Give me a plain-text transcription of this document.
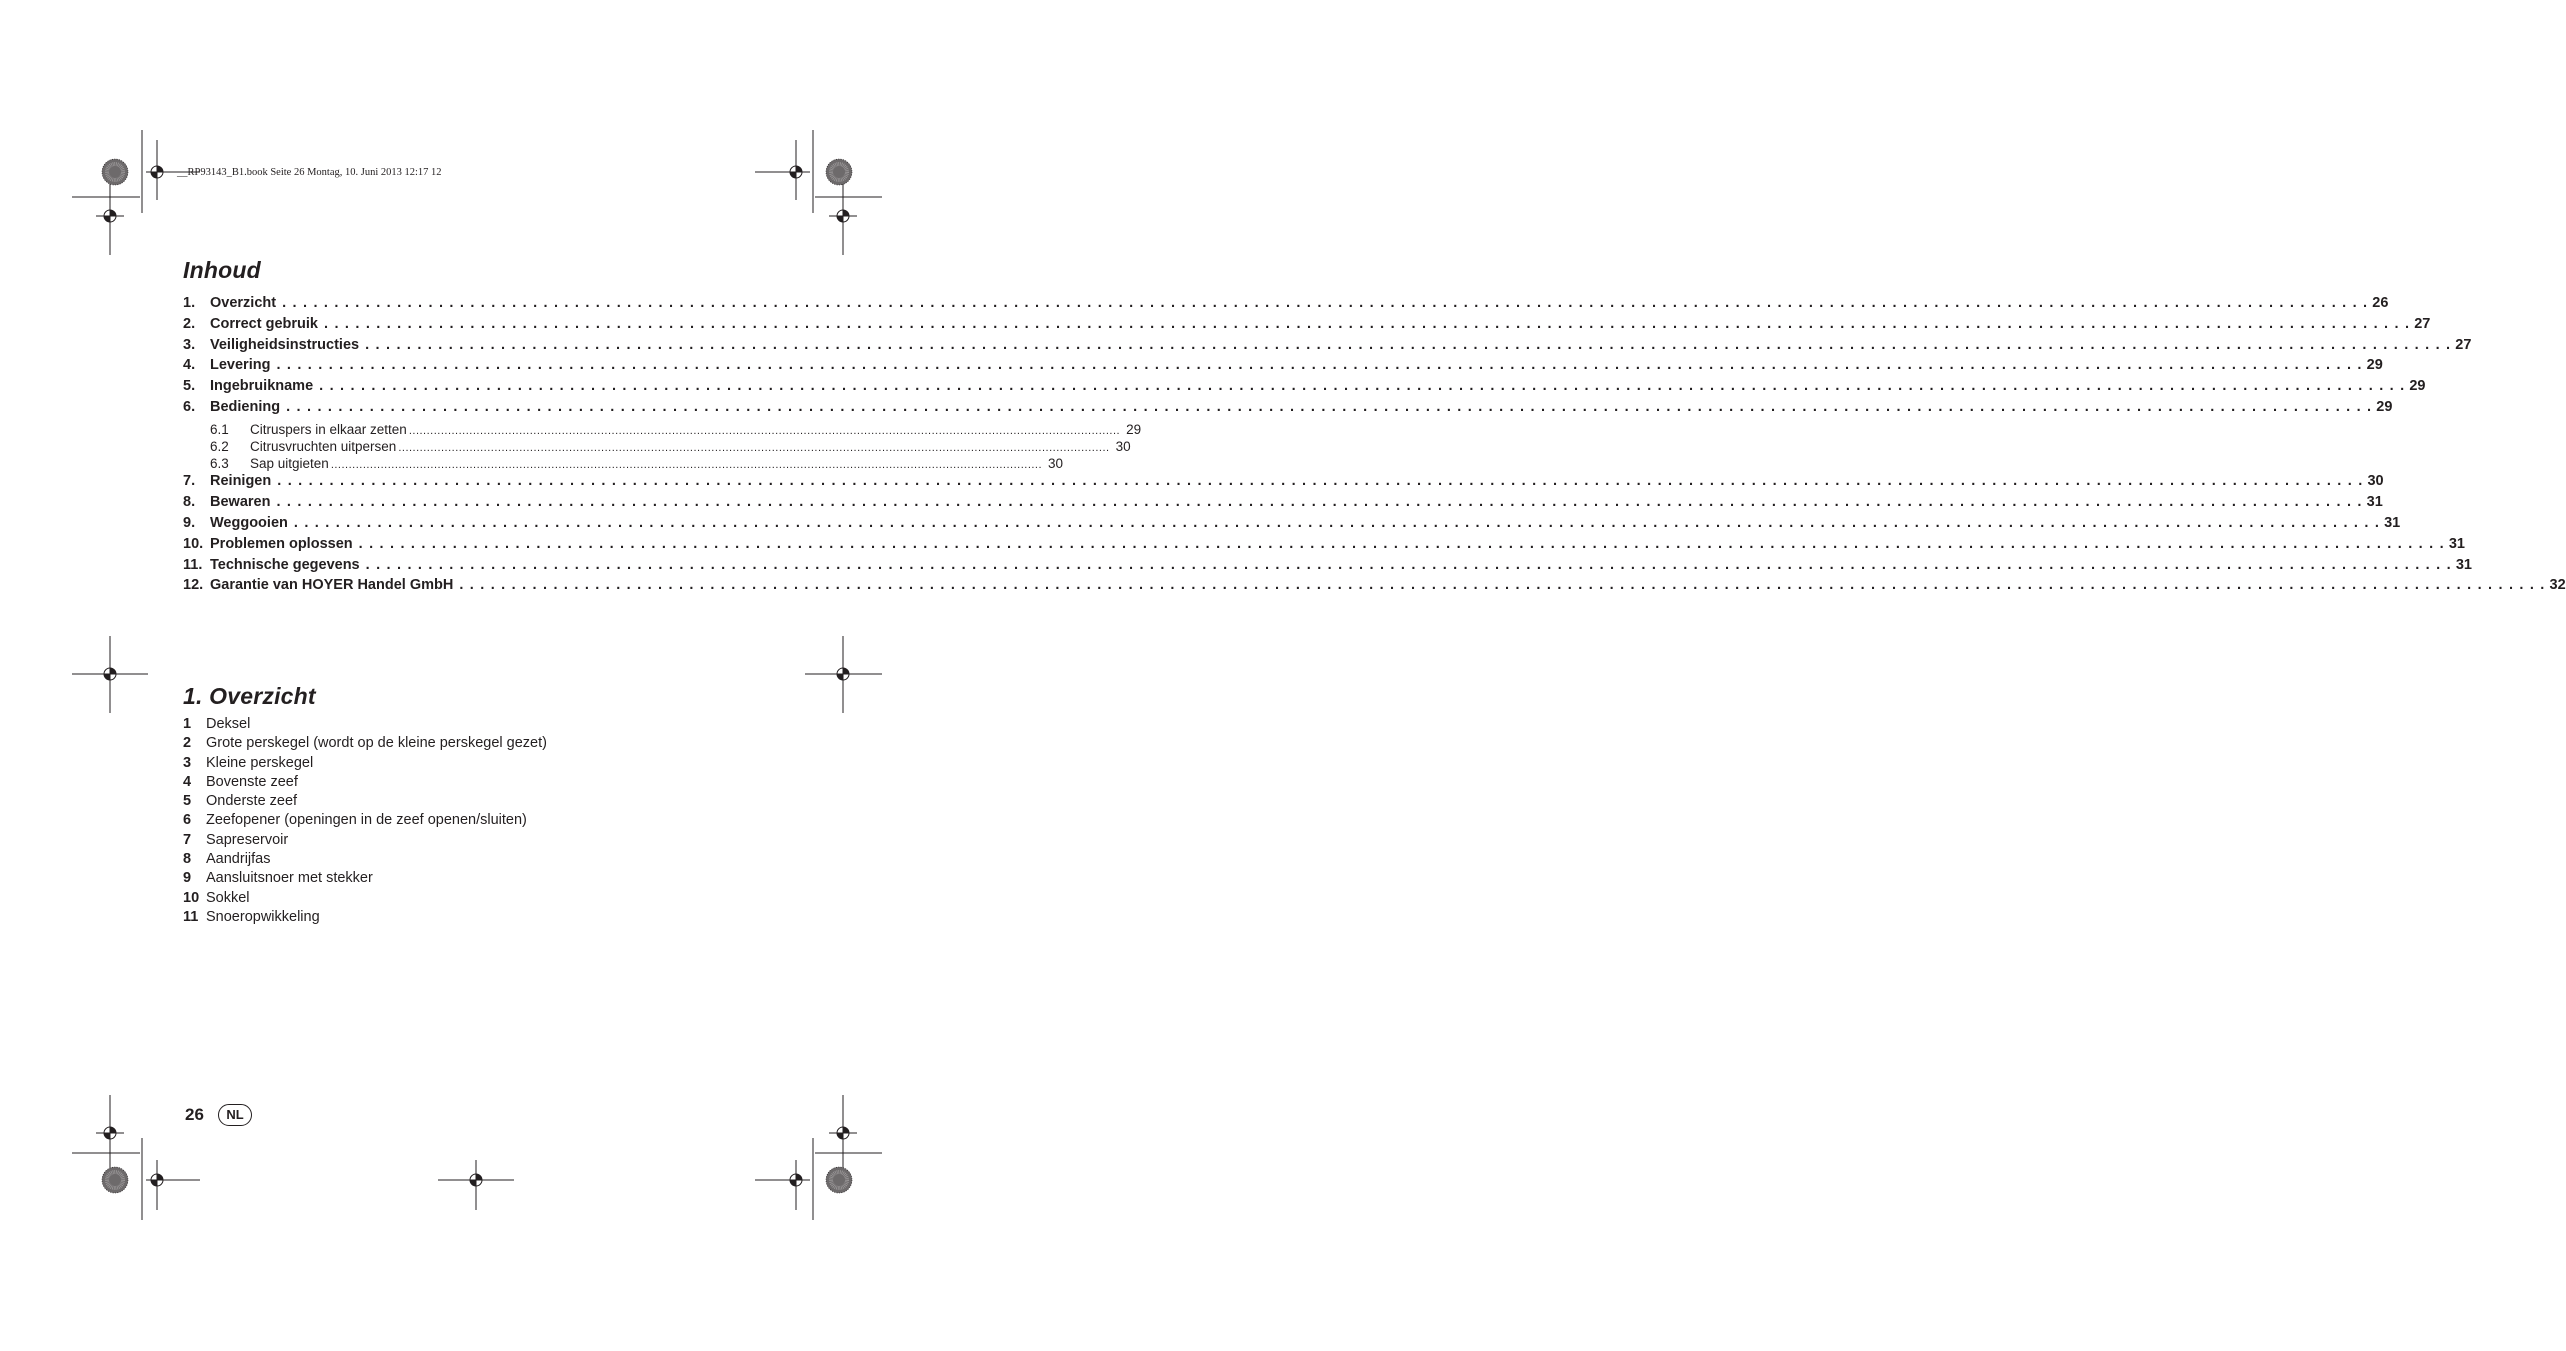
__RP93143_B1.book Seite 26 Montag, 10. Juni 2013 12:17 12
Inhoud
1.	Overzicht . . . . . . . . . . . . . . . . . . . . . . . . . . . . . . . . . . . . . . . . . . . . . . . . . . . . . . . . . . . . . . . . . . . . . . . . . . . . . . . . . . . . . . . . . . . . . . . . . . . . . . . . . . . . . . . . . . . . . . . . . . . . . . . . . . . . . . . . . . . . . . . . . . . . . . . . . . . . . . . . . . . . . . . . . . . . . . . . . . . . . . . . . . . . . . . . . . . . . . . . 26
2.	Correct gebruik . . . . . . . . . . . . . . . . . . . . . . . . . . . . . . . . . . . . . . . . . . . . . . . . . . . . . . . . . . . . . . . . . . . . . . . . . . . . . . . . . . . . . . . . . . . . . . . . . . . . . . . . . . . . . . . . . . . . . . . . . . . . . . . . . . . . . . . . . . . . . . . . . . . . . . . . . . . . . . . . . . . . . . . . . . . . . . . . . . . . . . . . . . . . . . . . . . . . . . . . 27
3.	Veiligheidsinstructies . . . . . . . . . . . . . . . . . . . . . . . . . . . . . . . . . . . . . . . . . . . . . . . . . . . . . . . . . . . . . . . . . . . . . . . . . . . . . . . . . . . . . . . . . . . . . . . . . . . . . . . . . . . . . . . . . . . . . . . . . . . . . . . . . . . . . . . . . . . . . . . . . . . . . . . . . . . . . . . . . . . . . . . . . . . . . . . . . . . . . . . . . . . . . . . . . . . . . . . . 27
4.	Levering . . . . . . . . . . . . . . . . . . . . . . . . . . . . . . . . . . . . . . . . . . . . . . . . . . . . . . . . . . . . . . . . . . . . . . . . . . . . . . . . . . . . . . . . . . . . . . . . . . . . . . . . . . . . . . . . . . . . . . . . . . . . . . . . . . . . . . . . . . . . . . . . . . . . . . . . . . . . . . . . . . . . . . . . . . . . . . . . . . . . . . . . . . . . . . . . . . . . . . . . 29
5.	Ingebruikname . . . . . . . . . . . . . . . . . . . . . . . . . . . . . . . . . . . . . . . . . . . . . . . . . . . . . . . . . . . . . . . . . . . . . . . . . . . . . . . . . . . . . . . . . . . . . . . . . . . . . . . . . . . . . . . . . . . . . . . . . . . . . . . . . . . . . . . . . . . . . . . . . . . . . . . . . . . . . . . . . . . . . . . . . . . . . . . . . . . . . . . . . . . . . . . . . . . . . . . . 29
6.	Bediening . . . . . . . . . . . . . . . . . . . . . . . . . . . . . . . . . . . . . . . . . . . . . . . . . . . . . . . . . . . . . . . . . . . . . . . . . . . . . . . . . . . . . . . . . . . . . . . . . . . . . . . . . . . . . . . . . . . . . . . . . . . . . . . . . . . . . . . . . . . . . . . . . . . . . . . . . . . . . . . . . . . . . . . . . . . . . . . . . . . . . . . . . . . . . . . . . . . . . . . . 29
6.1	Citruspers in elkaar zetten ........................................................................................................................................................................................................ 29
6.2	Citrusvruchten uitpersen ........................................................................................................................................................................................................ 30
6.3	Sap uitgieten ........................................................................................................................................................................................................ 30
7.	Reinigen . . . . . . . . . . . . . . . . . . . . . . . . . . . . . . . . . . . . . . . . . . . . . . . . . . . . . . . . . . . . . . . . . . . . . . . . . . . . . . . . . . . . . . . . . . . . . . . . . . . . . . . . . . . . . . . . . . . . . . . . . . . . . . . . . . . . . . . . . . . . . . . . . . . . . . . . . . . . . . . . . . . . . . . . . . . . . . . . . . . . . . . . . . . . . . . . . . . . . . . . 30
8.	Bewaren . . . . . . . . . . . . . . . . . . . . . . . . . . . . . . . . . . . . . . . . . . . . . . . . . . . . . . . . . . . . . . . . . . . . . . . . . . . . . . . . . . . . . . . . . . . . . . . . . . . . . . . . . . . . . . . . . . . . . . . . . . . . . . . . . . . . . . . . . . . . . . . . . . . . . . . . . . . . . . . . . . . . . . . . . . . . . . . . . . . . . . . . . . . . . . . . . . . . . . . . 31
9.	Weggooien . . . . . . . . . . . . . . . . . . . . . . . . . . . . . . . . . . . . . . . . . . . . . . . . . . . . . . . . . . . . . . . . . . . . . . . . . . . . . . . . . . . . . . . . . . . . . . . . . . . . . . . . . . . . . . . . . . . . . . . . . . . . . . . . . . . . . . . . . . . . . . . . . . . . . . . . . . . . . . . . . . . . . . . . . . . . . . . . . . . . . . . . . . . . . . . . . . . . . . . . 31
10. Problemen oplossen . . . . . . . . . . . . . . . . . . . . . . . . . . . . . . . . . . . . . . . . . . . . . . . . . . . . . . . . . . . . . . . . . . . . . . . . . . . . . . . . . . . . . . . . . . . . . . . . . . . . . . . . . . . . . . . . . . . . . . . . . . . . . . . . . . . . . . . . . . . . . . . . . . . . . . . . . . . . . . . . . . . . . . . . . . . . . . . . . . . . . . . . . . . . . . . . . . . . . . . . 31
11. Technische gegevens . . . . . . . . . . . . . . . . . . . . . . . . . . . . . . . . . . . . . . . . . . . . . . . . . . . . . . . . . . . . . . . . . . . . . . . . . . . . . . . . . . . . . . . . . . . . . . . . . . . . . . . . . . . . . . . . . . . . . . . . . . . . . . . . . . . . . . . . . . . . . . . . . . . . . . . . . . . . . . . . . . . . . . . . . . . . . . . . . . . . . . . . . . . . . . . . . . . . . . . . 31
12. Garantie van HOYER Handel GmbH . . . . . . . . . . . . . . . . . . . . . . . . . . . . . . . . . . . . . . . . . . . . . . . . . . . . . . . . . . . . . . . . . . . . . . . . . . . . . . . . . . . . . . . . . . . . . . . . . . . . . . . . . . . . . . . . . . . . . . . . . . . . . . . . . . . . . . . . . . . . . . . . . . . . . . . . . . . . . . . . . . . . . . . . . . . . . . . . . . . . . . . . . . . . . . . . . . . . . . . . 32
1. Overzicht
1	Deksel
2	Grote perskegel (wordt op de kleine perskegel gezet)
3	Kleine perskegel
4	Bovenste zeef
5	Onderste zeef
6	Zeefopener (openingen in de zeef openen/sluiten)
7	Sapreservoir
8	Aandrijfas
9	Aansluitsnoer met stekker
10 Sokkel
11 Snoeropwikkeling
26	NL
